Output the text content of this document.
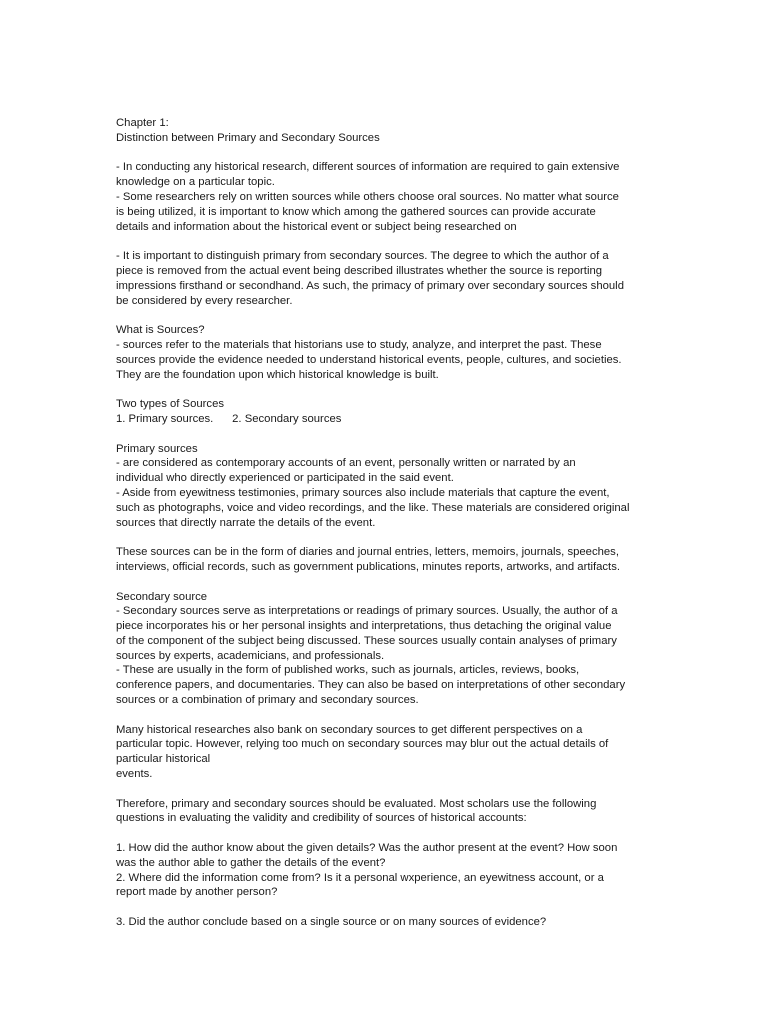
Chapter 1:
Distinction between Primary and Secondary Sources
- In conducting any historical research, different sources of information are required to gain extensive
knowledge on a particular topic.
- Some researchers rely on written sources while others choose oral sources. No matter what source
is being utilized, it is important to know which among the gathered sources can provide accurate
details and information about the historical event or subject being researched on
- It is important to distinguish primary from secondary sources. The degree to which the author of a
piece is removed from the actual event being described illustrates whether the source is reporting
impressions firsthand or secondhand. As such, the primacy of primary over secondary sources should
be considered by every researcher.
What is Sources?
- sources refer to the materials that historians use to study, analyze, and interpret the past. These
sources provide the evidence needed to understand historical events, people, cultures, and societies.
They are the foundation upon which historical knowledge is built.
Two types of Sources
1. Primary sources.      2. Secondary sources
Primary sources
- are considered as contemporary accounts of an event, personally written or narrated by an
individual who directly experienced or participated in the said event.
- Aside from eyewitness testimonies, primary sources also include materials that capture the event,
such as photographs, voice and video recordings, and the like. These materials are considered original
sources that directly narrate the details of the event.
These sources can be in the form of diaries and journal entries, letters, memoirs, journals, speeches,
interviews, official records, such as government publications, minutes reports, artworks, and artifacts.
Secondary source
- Secondary sources serve as interpretations or readings of primary sources. Usually, the author of a
piece incorporates his or her personal insights and interpretations, thus detaching the original value
of the component of the subject being discussed. These sources usually contain analyses of primary
sources by experts, academicians, and professionals.
- These are usually in the form of published works, such as journals, articles, reviews, books,
conference papers, and documentaries. They can also be based on interpretations of other secondary
sources or a combination of primary and secondary sources.
Many historical researches also bank on secondary sources to get different perspectives on a
particular topic. However, relying too much on secondary sources may blur out the actual details of
particular historical
events.
Therefore, primary and secondary sources should be evaluated. Most scholars use the following
questions in evaluating the validity and credibility of sources of historical accounts:
1. How did the author know about the given details? Was the author present at the event? How soon
was the author able to gather the details of the event?
2. Where did the information come from? Is it a personal wxperience, an eyewitness account, or a
report made by another person?
3. Did the author conclude based on a single source or on many sources of evidence?
